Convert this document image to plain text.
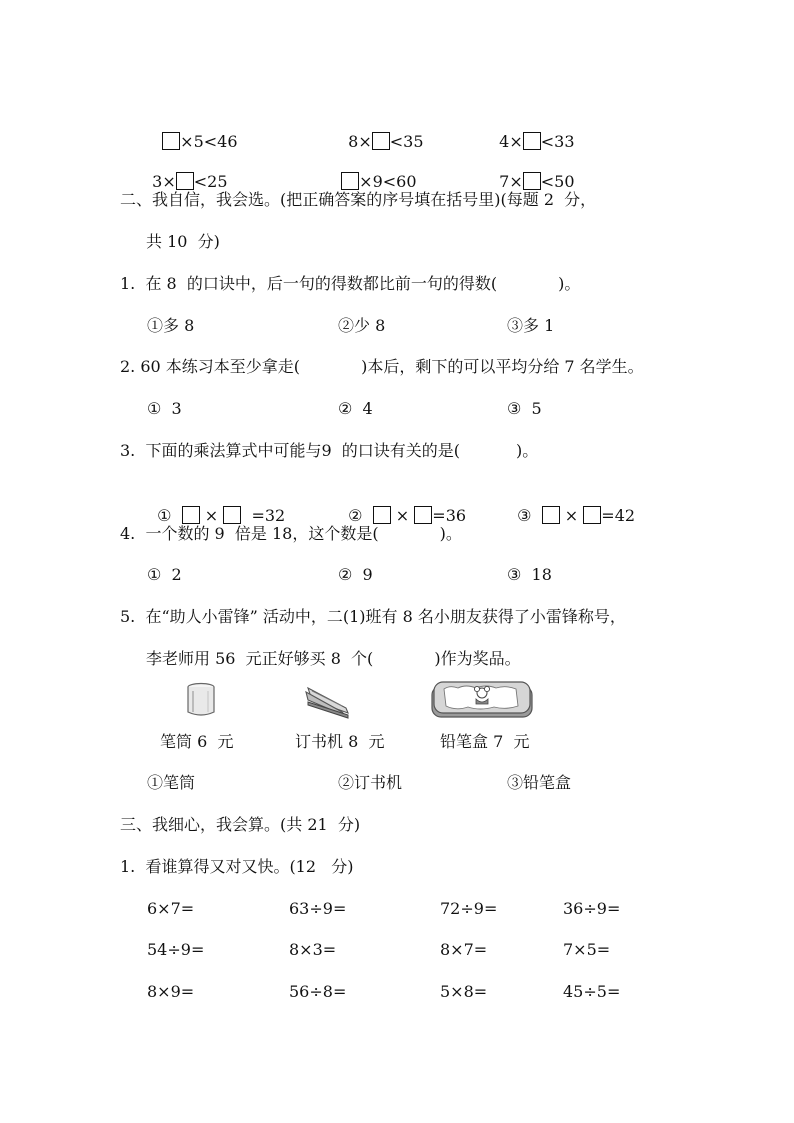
×5<46	8× <35	4× <33

3× <25	×9<60	7× <50

二、我自信，我会选。(把正确答案的序号填在括号里)(每题 2  分，
共 10  分)
1.  在 8  的口诀中，后一句的得数都比前一句的得数(            )。
①多 8	②少 8	③多 1
2. 60 本练习本至少拿走(            )本后，剩下的可以平均分给 7 名学生。
①  3	②  4	③  5
3.  下面的乘法算式中可能与9  的口诀有关的是(           )。

① × =32	② × =36	③ × =42

4.  一个数的 9  倍是 18，这个数是(            )。
①  2	②  9	③  18
5.  在“助人小雷锋” 活动中，二(1)班有 8 名小朋友获得了小雷锋称号，
李老师用 56  元正好够买 8  个(            )作为奖品。
笔筒 6  元	订书机 8  元	铅笔盒 7  元
①笔筒	②订书机	③铅笔盒
三、我细心，我会算。(共 21  分)
1.  看谁算得又对又快。(12   分)
6×7=	63÷9=	72÷9=	36÷9=
54÷9=	8×3=	8×7=	7×5=
8×9=	56÷8=	5×8=	45÷5=
